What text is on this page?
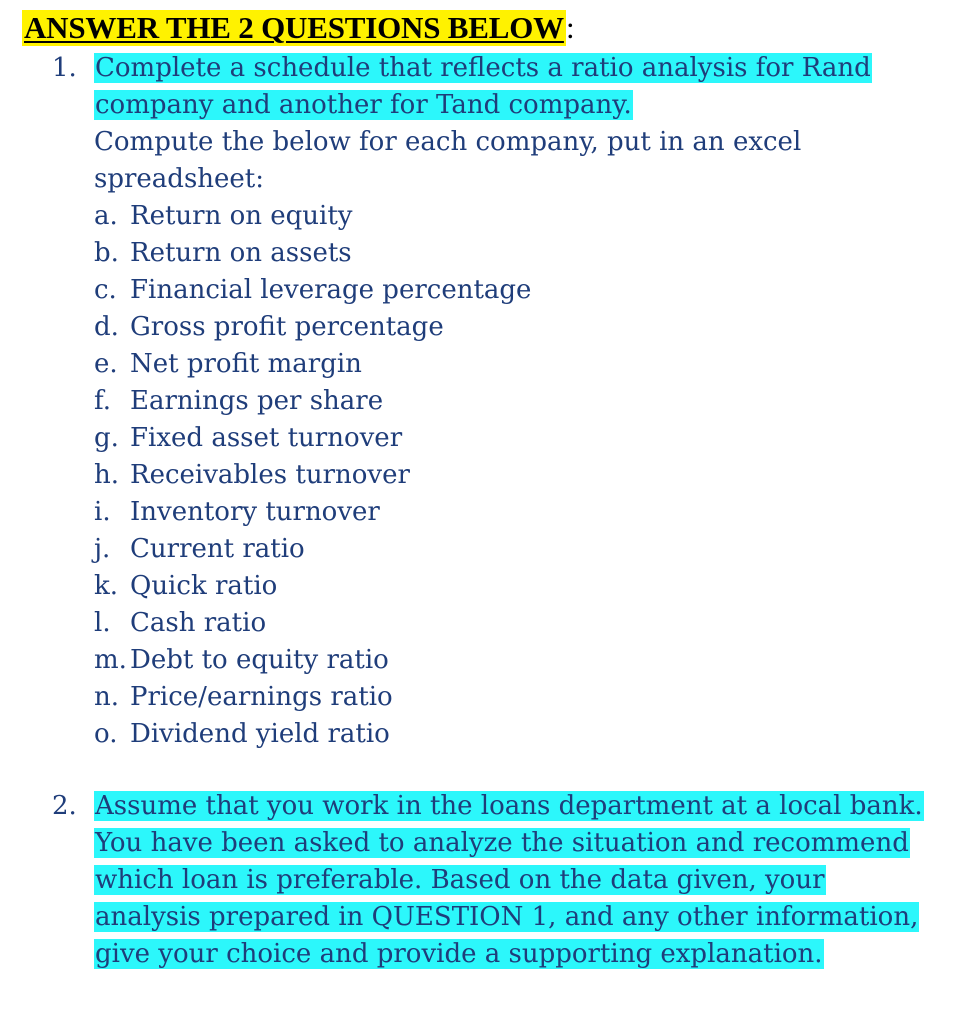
ANSWER THE 2 QUESTIONS BELOW :
1. Complete a schedule that reflects a ratio analysis for Rand company and another for Tand company.

Compute the below for each company, put in an excel spreadsheet:

a. Return on equity
b. Return on assets
c. Financial leverage percentage
d. Gross profit percentage
e. Net profit margin
f. Earnings per share
g. Fixed asset turnover
h. Receivables turnover
i. Inventory turnover
j. Current ratio
k. Quick ratio
l. Cash ratio
m. Debt to equity ratio
n. Price/earnings ratio
o. Dividend yield ratio
2. Assume that you work in the loans department at a local bank. You have been asked to analyze the situation and recommend which loan is preferable. Based on the data given, your analysis prepared in QUESTION 1, and any other information, give your choice and provide a supporting explanation.
